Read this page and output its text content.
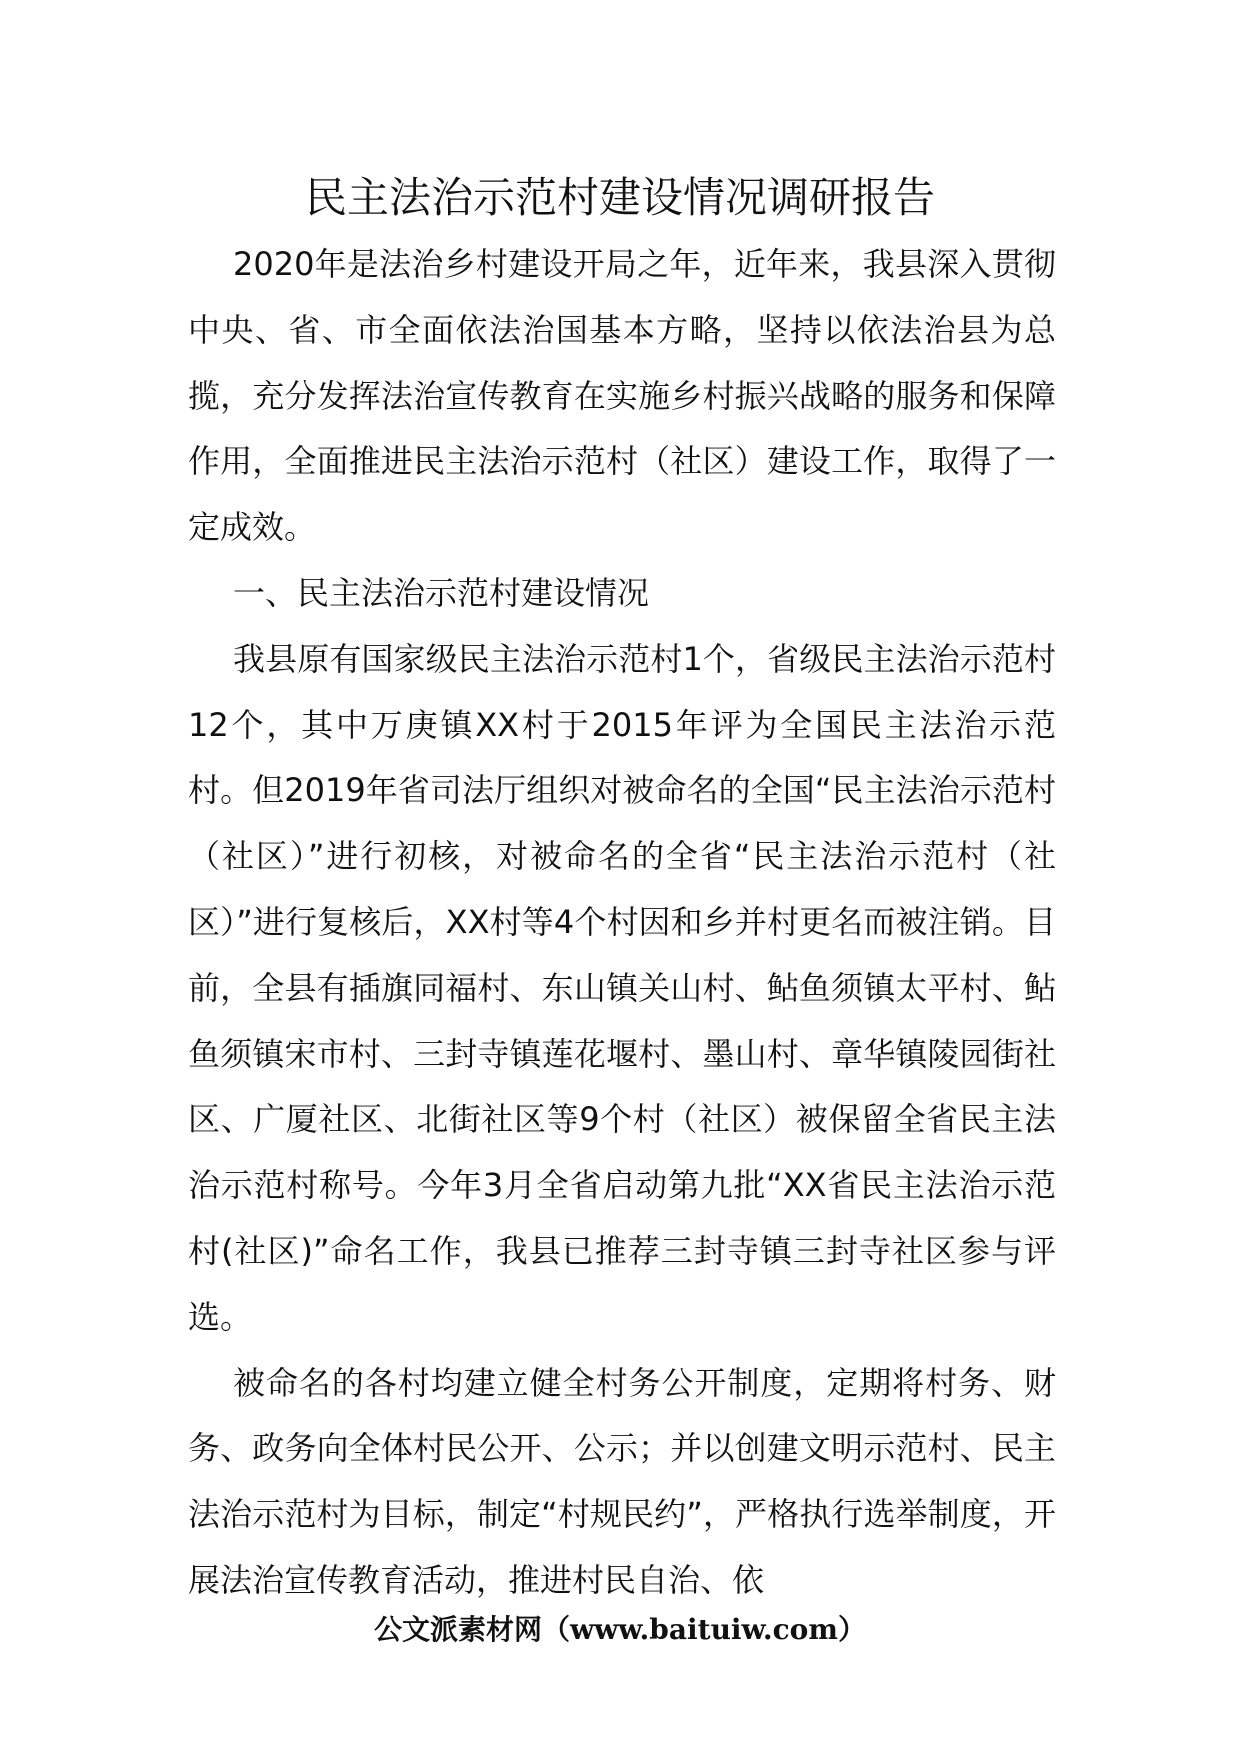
民主法治示范村建设情况调研报告

2020年是法治乡村建设开局之年，近年来，我县深入贯彻中央、省、市全面依法治国基本方略，坚持以依法治县为总揽，充分发挥法治宣传教育在实施乡村振兴战略的服务和保障作用，全面推进民主法治示范村（社区）建设工作，取得了一定成效。

一、民主法治示范村建设情况

我县原有国家级民主法治示范村1个，省级民主法治示范村12个，其中万庚镇XX村于2015年评为全国民主法治示范村。但2019年省司法厅组织对被命名的全国“民主法治示范村（社区）”进行初核，对被命名的全省“民主法治示范村（社区）”进行复核后，XX村等4个村因和乡并村更名而被注销。目前，全县有插旗同福村、东山镇关山村、鲇鱼须镇太平村、鲇鱼须镇宋市村、三封寺镇莲花堰村、墨山村、章华镇陵园街社区、广厦社区、北街社区等9个村（社区）被保留全省民主法治示范村称号。今年3月全省启动第九批“XX省民主法治示范村(社区)”命名工作，我县已推荐三封寺镇三封寺社区参与评选。

被命名的各村均建立健全村务公开制度，定期将村务、财务、政务向全体村民公开、公示；并以创建文明示范村、民主法治示范村为目标，制定“村规民约”，严格执行选举制度，开展法治宣传教育活动，推进村民自治、依

公文派素材网（www.baituiw.com）
